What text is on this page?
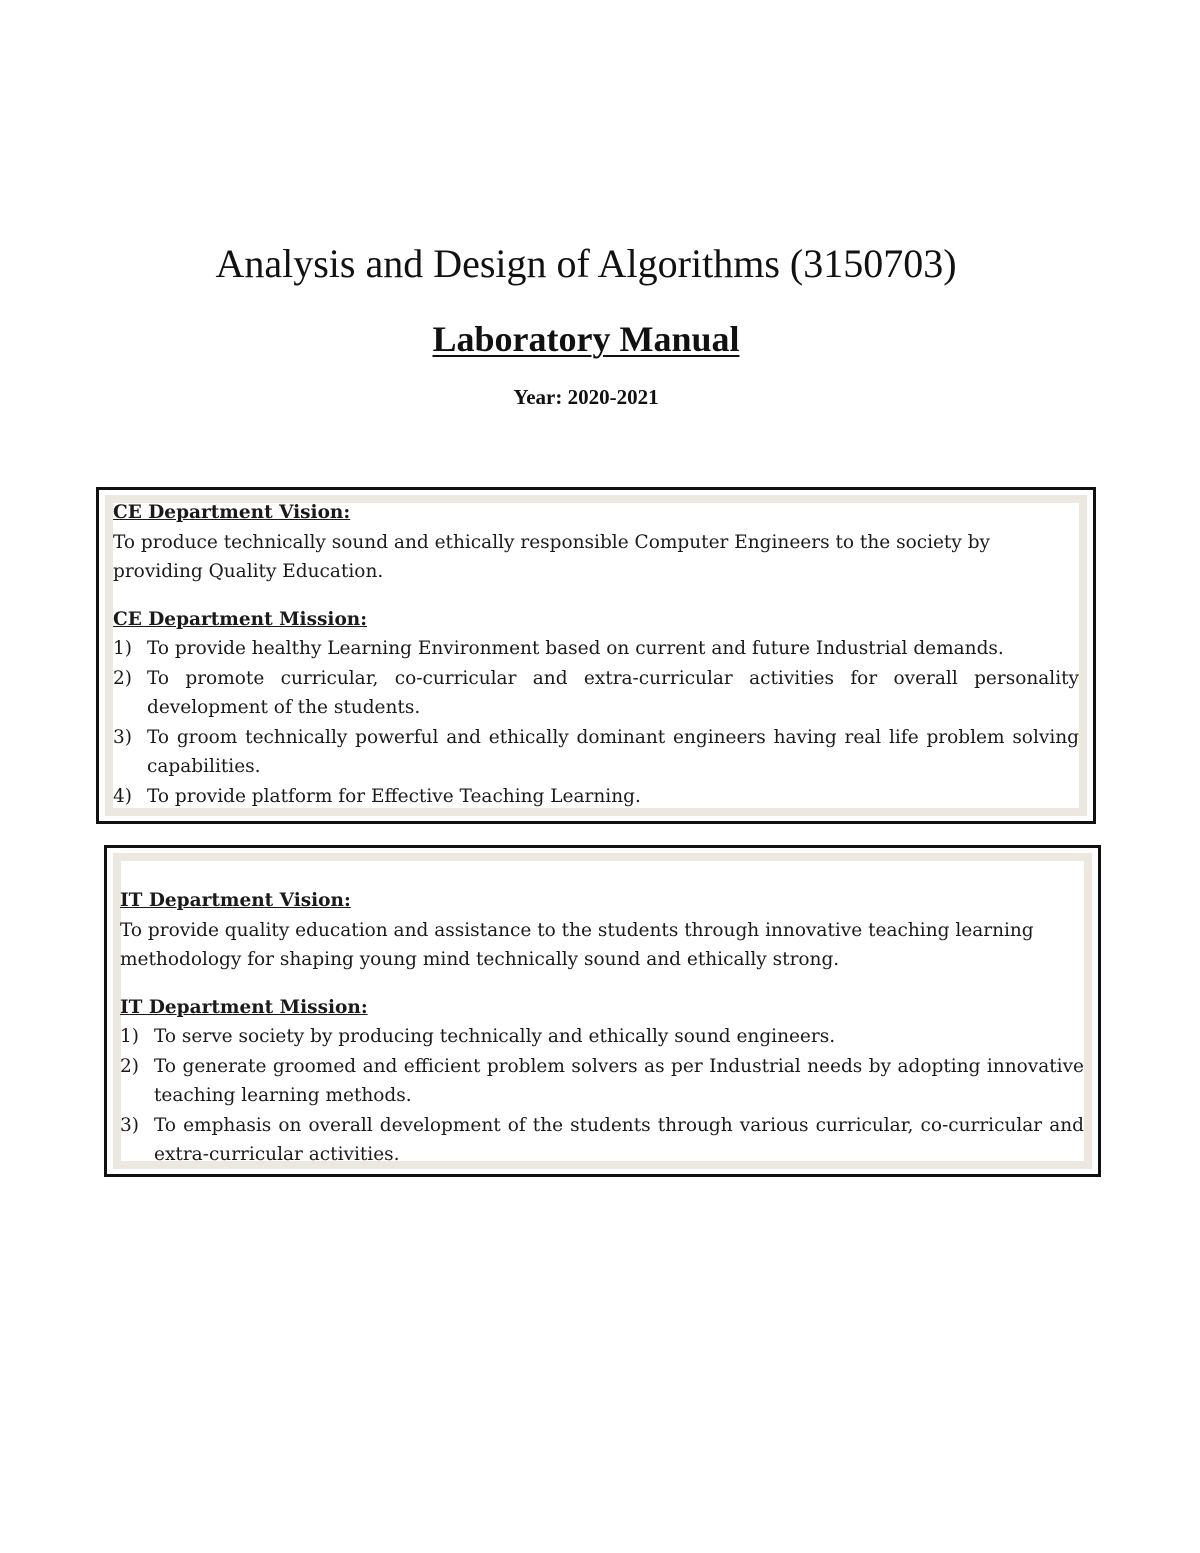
Analysis and Design of Algorithms (3150703)
Laboratory Manual

Year: 2020-2021

CE Department Vision:

To produce technically sound and ethically responsible Computer Engineers to the society by providing Quality Education.

CE Department Mission:

1) To provide healthy Learning Environment based on current and future Industrial demands.
2) To promote curricular, co-curricular and extra-curricular activities for overall personality development of the students.
3) To groom technically powerful and ethically dominant engineers having real life problem solving capabilities.
4) To provide platform for Effective Teaching Learning.

IT Department Vision:

To provide quality education and assistance to the students through innovative teaching learning methodology for shaping young mind technically sound and ethically strong.

IT Department Mission:

1) To serve society by producing technically and ethically sound engineers.
2) To generate groomed and efficient problem solvers as per Industrial needs by adopting innovative teaching learning methods.
3) To emphasis on overall development of the students through various curricular, co-curricular and extra-curricular activities.
